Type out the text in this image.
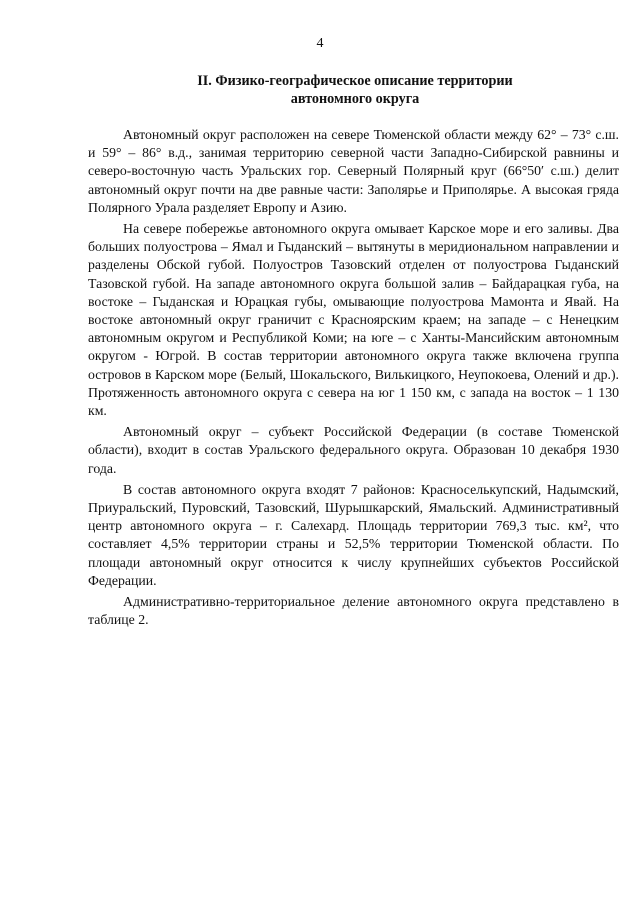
4
II. Физико-географическое описание территории
автономного округа

Автономный округ расположен на севере Тюменской области между 62° – 73° с.ш. и 59° – 86° в.д., занимая территорию северной части Западно-Сибирской равнины и северо-восточную часть Уральских гор. Северный Полярный круг (66°50′ с.ш.) делит автономный округ почти на две равные части: Заполярье и Приполярье. А высокая гряда Полярного Урала разделяет Европу и Азию.

На севере побережье автономного округа омывает Карское море и его заливы. Два больших полуострова – Ямал и Гыданский – вытянуты в меридиональном направлении и разделены Обской губой. Полуостров Тазовский отделен от полуострова Гыданский Тазовской губой. На западе автономного округа большой залив – Байдарацкая губа, на востоке – Гыданская и Юрацкая губы, омывающие полуострова Мамонта и Явай. На востоке автономный округ граничит с Красноярским краем; на западе – с Ненецким автономным округом и Республикой Коми; на юге – с Ханты-Мансийским автономным округом - Югрой. В состав территории автономного округа также включена группа островов в Карском море (Белый, Шокальского, Вилькицкого, Неупокоева, Олений и др.). Протяженность автономного округа с севера на юг 1 150 км, с запада на восток – 1 130 км.

Автономный округ – субъект Российской Федерации (в составе Тюменской области), входит в состав Уральского федерального округа. Образован 10 декабря 1930 года.

В состав автономного округа входят 7 районов: Красноселькупский, Надымский, Приуральский, Пуровский, Тазовский, Шурышкарский, Ямальский. Административный центр автономного округа – г. Салехард. Площадь территории 769,3 тыс. км², что составляет 4,5% территории страны и 52,5% территории Тюменской области. По площади автономный округ относится к числу крупнейших субъектов Российской Федерации.

Административно-территориальное деление автономного округа представлено в таблице 2.
